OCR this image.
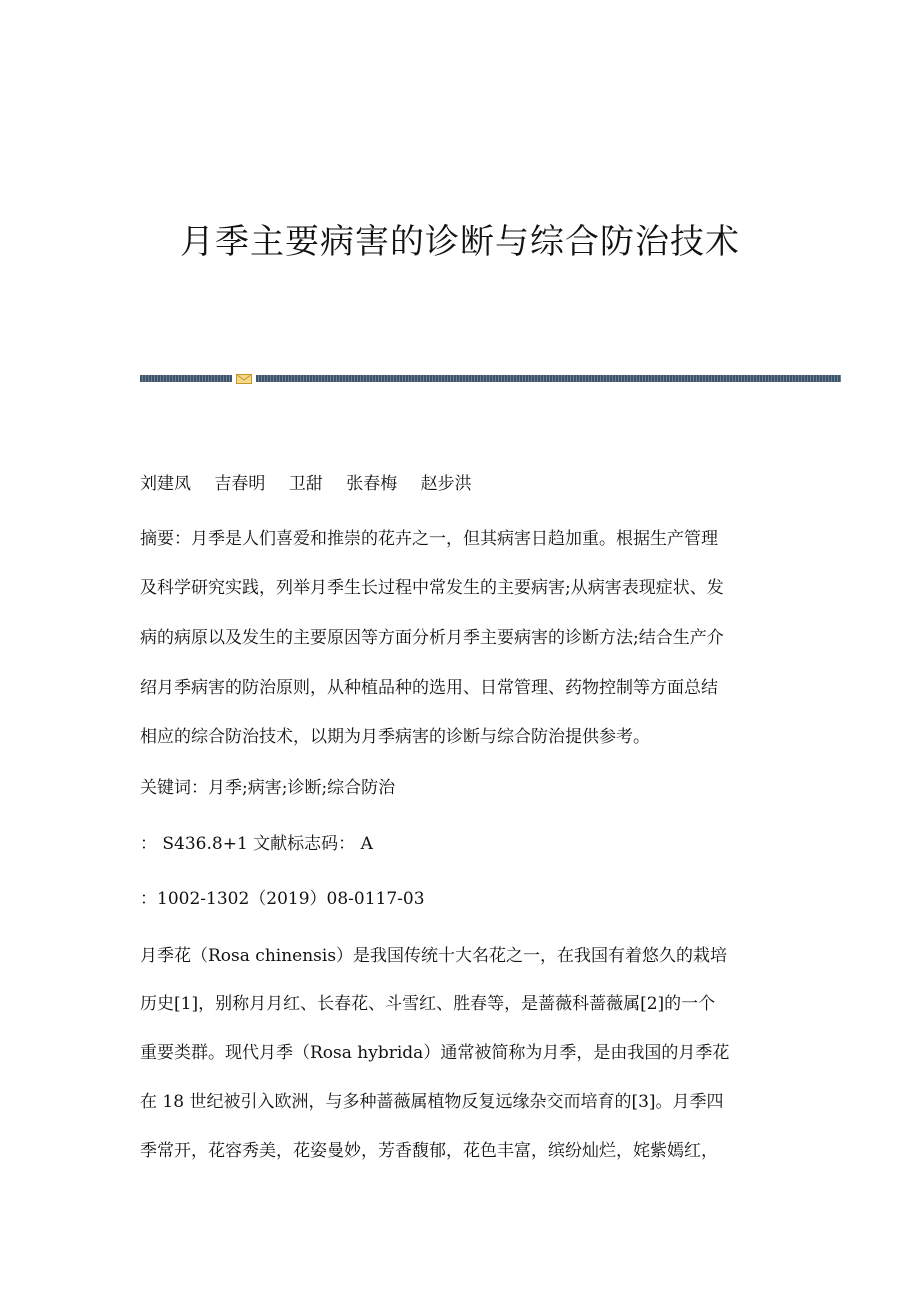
月季主要病害的诊断与综合防治技术

刘建凤 吉春明 卫甜 张春梅 赵步洪

摘要：月季是人们喜爱和推崇的花卉之一，但其病害日趋加重。根据生产管理

及科学研究实践，列举月季生长过程中常发生的主要病害;从病害表现症状、发

病的病原以及发生的主要原因等方面分析月季主要病害的诊断方法;结合生产介

绍月季病害的防治原则，从种植品种的选用、日常管理、药物控制等方面总结

相应的综合防治技术，以期为月季病害的诊断与综合防治提供参考。

关键词：月季;病害;诊断;综合防治

： S436.8+1 文献标志码： A

：1002-1302（2019）08-0117-03

月季花（Rosa chinensis）是我国传统十大名花之一，在我国有着悠久的栽培

历史[1]，别称月月红、长春花、斗雪红、胜春等，是蔷薇科蔷薇属[2]的一个

重要类群。现代月季（Rosa hybrida）通常被简称为月季，是由我国的月季花

在 18 世纪被引入欧洲，与多种蔷薇属植物反复远缘杂交而培育的[3]。月季四

季常开，花容秀美，花姿曼妙，芳香馥郁，花色丰富，缤纷灿烂，姹紫嫣红，
